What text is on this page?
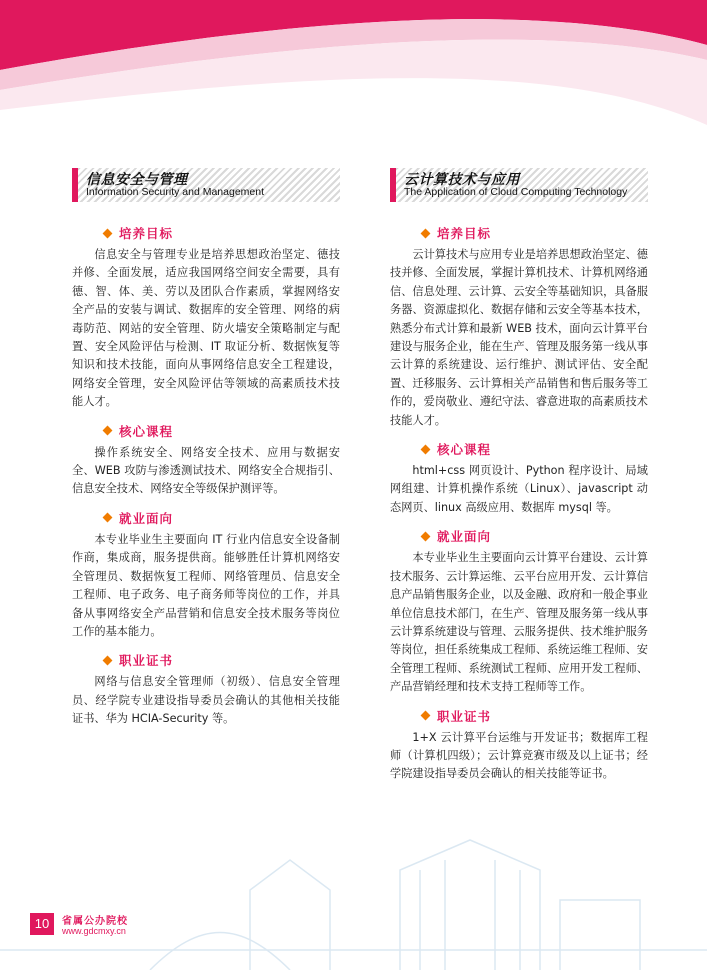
信息安全与管理
Information Security and Management
培养目标

信息安全与管理专业是培养思想政治坚定、德技并修、全面发展，适应我国网络空间安全需要，具有德、智、体、美、劳以及团队合作素质，掌握网络安全产品的安装与调试、数据库的安全管理、网络的病毒防范、网站的安全管理、防火墙安全策略制定与配置、安全风险评估与检测、IT 取证分析、数据恢复等知识和技术技能，面向从事网络信息安全工程建设，网络安全管理，安全风险评估等领域的高素质技术技能人才。

核心课程

操作系统安全、网络安全技术、应用与数据安全、WEB 攻防与渗透测试技术、网络安全合规指引、信息安全技术、网络安全等级保护测评等。

就业面向

本专业毕业生主要面向 IT 行业内信息安全设备制作商，集成商，服务提供商。能够胜任计算机网络安全管理员、数据恢复工程师、网络管理员、信息安全工程师、电子政务、电子商务师等岗位的工作，并具备从事网络安全产品营销和信息安全技术服务等岗位工作的基本能力。

职业证书

网络与信息安全管理师（初级）、信息安全管理员、经学院专业建设指导委员会确认的其他相关技能证书、华为 HCIA-Security 等。

云计算技术与应用
The Application of Cloud Computing Technology
培养目标

云计算技术与应用专业是培养思想政治坚定、德技并修、全面发展，掌握计算机技术、计算机网络通信、信息处理、云计算、云安全等基础知识，具备服务器、资源虚拟化、数据存储和云安全等基本技术，熟悉分布式计算和最新 WEB 技术，面向云计算平台建设与服务企业，能在生产、管理及服务第一线从事云计算的系统建设、运行维护、测试评估、安全配置、迁移服务、云计算相关产品销售和售后服务等工作的，爱岗敬业、遵纪守法、睿意进取的高素质技术技能人才。

核心课程

html+css 网页设计、Python 程序设计、局域网组建、计算机操作系统（Linux）、javascript 动态网页、linux 高级应用、数据库 mysql 等。

就业面向

本专业毕业生主要面向云计算平台建设、云计算技术服务、云计算运维、云平台应用开发、云计算信息产品销售服务企业，以及金融、政府和一般企事业单位信息技术部门，在生产、管理及服务第一线从事云计算系统建设与管理、云服务提供、技术维护服务等岗位，担任系统集成工程师、系统运维工程师、安全管理工程师、系统测试工程师、应用开发工程师、产品营销经理和技术支持工程师等工作。

职业证书

1+X 云计算平台运维与开发证书；数据库工程师（计算机四级）；云计算竞赛市级及以上证书；经学院建设指导委员会确认的相关技能等证书。

10	省属公办院校
www.gdcmxy.cn
